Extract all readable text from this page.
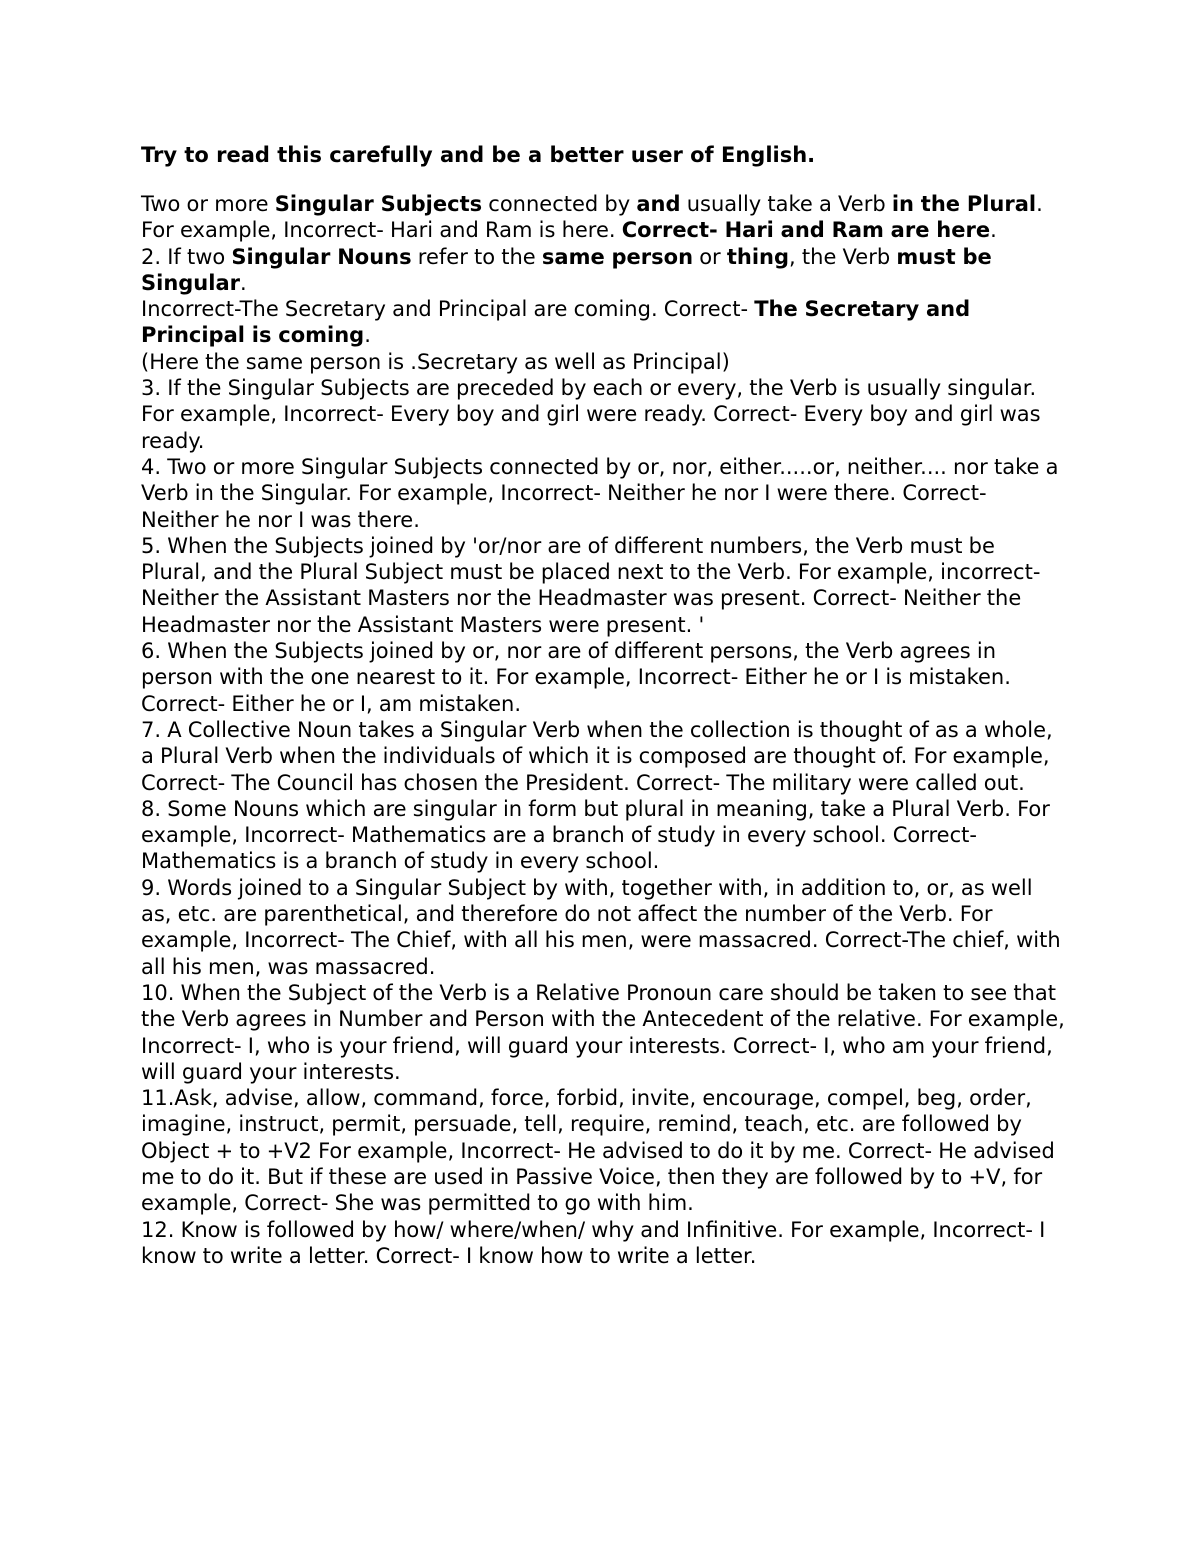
Try to read this carefully and be a better user of English.

Two or more Singular Subjects connected by and usually take a Verb in the Plural.

For example, Incorrect- Hari and Ram is here. Correct- Hari and Ram are here.

2. If two Singular Nouns refer to the same person or thing, the Verb must be Singular.

Incorrect-The Secretary and Principal are coming. Correct- The Secretary and Principal is coming.

(Here the same person is .Secretary as well as Principal)

3. If the Singular Subjects are preceded by each or every, the Verb is usually singular.

For example, Incorrect- Every boy and girl were ready. Correct- Every boy and girl was ready.

4. Two or more Singular Subjects connected by or, nor, either.....or, neither.... nor take a Verb in the Singular. For example, Incorrect- Neither he nor I were there. Correct- Neither he nor I was there.

5. When the Subjects joined by 'or/nor are of different numbers, the Verb must be Plural, and the Plural Subject must be placed next to the Verb. For example, incorrect- Neither the Assistant Masters nor the Headmaster was present. Correct- Neither the Headmaster nor the Assistant Masters were present. '

6. When the Subjects joined by or, nor are of different persons, the Verb agrees in person with the one nearest to it. For example, Incorrect- Either he or I is mistaken. Correct- Either he or I, am mistaken.

7. A Collective Noun takes a Singular Verb when the collection is thought of as a whole, a Plural Verb when the individuals of which it is composed are thought of. For example, Correct- The Council has chosen the President. Correct- The military were called out.

8. Some Nouns which are singular in form but plural in meaning, take a Plural Verb. For example, Incorrect- Mathematics are a branch of study in every school. Correct- Mathematics is a branch of study in every school.

9. Words joined to a Singular Subject by with, together with, in addition to, or, as well as, etc. are parenthetical, and therefore do not affect the number of the Verb. For example, Incorrect- The Chief, with all his men, were massacred. Correct-The chief, with all his men, was massacred.

10. When the Subject of the Verb is a Relative Pronoun care should be taken to see that the Verb agrees in Number and Person with the Antecedent of the relative. For example, Incorrect- I, who is your friend, will guard your interests. Correct- I, who am your friend, will guard your interests.

11.Ask, advise, allow, command, force, forbid, invite, encourage, compel, beg, order, imagine, instruct, permit, persuade, tell, require, remind, teach, etc. are followed by Object + to +V2 For example, Incorrect- He advised to do it by me. Correct- He advised me to do it. But if these are used in Passive Voice, then they are followed by to +V, for example, Correct- She was permitted to go with him.

12. Know is followed by how/ where/when/ why and Infinitive. For example, Incorrect- I know to write a letter. Correct- I know how to write a letter.
